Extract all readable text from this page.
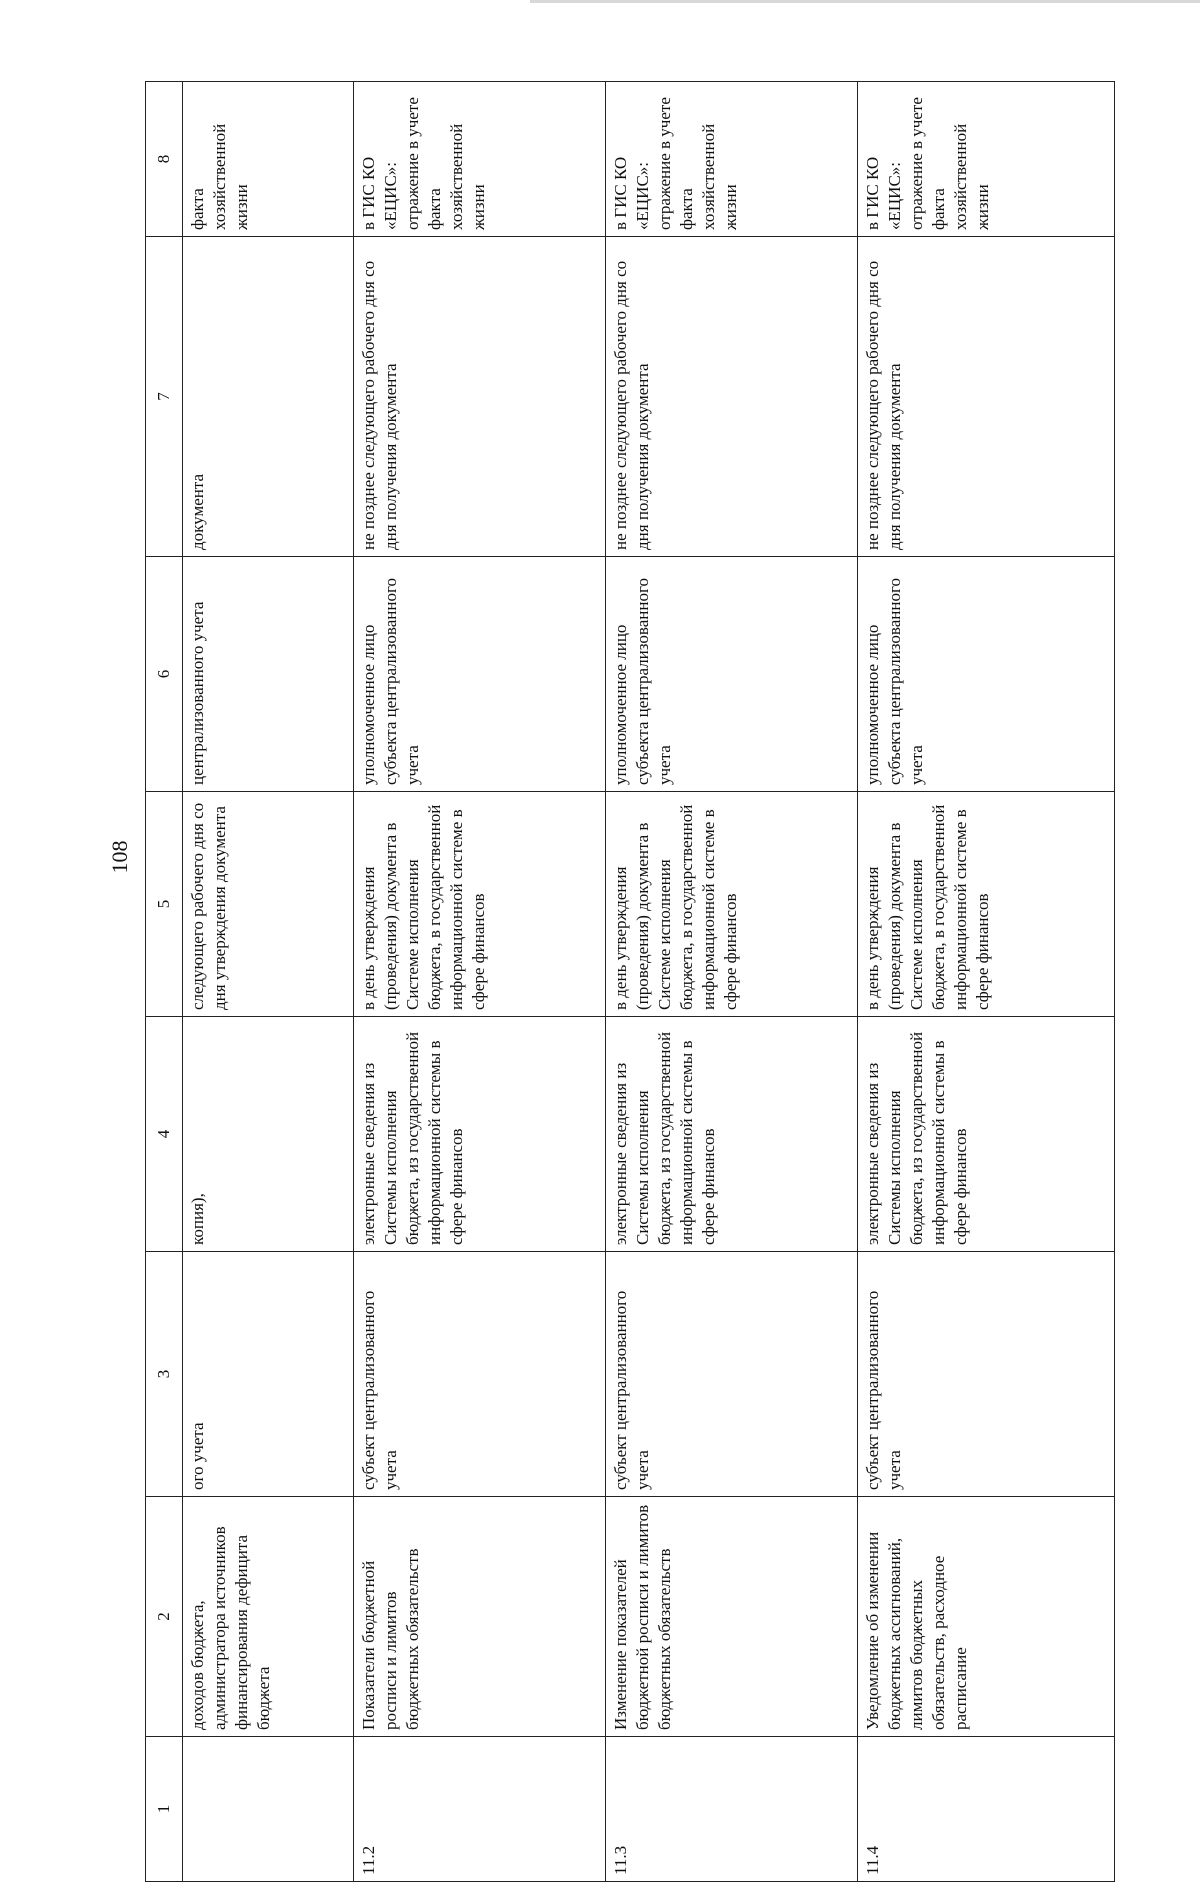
108
1	2	3	4	5	6	7	8
	доходов бюджета, администратора источников финансирования дефицита бюджета	ого учета	копия),	следующего рабочего дня со дня утверждения документа	централизованного учета	документа	факта хозяйственной жизни
11.2	Показатели бюджетной росписи и лимитов бюджетных обязательств	субъект централизованного учета	электронные сведения из Системы исполнения бюджета, из государственной информационной системы в сфере финансов	в день утверждения (проведения) документа в Системе исполнения бюджета, в государственной информационной системе в сфере финансов	уполномоченное лицо субъекта централизованного учета	не позднее следующего рабочего дня со дня получения документа	в ГИС КО «ЕЦИС»: отражение в учете факта хозяйственной жизни
11.3	Изменение показателей бюджетной росписи и лимитов бюджетных обязательств	субъект централизованного учета	электронные сведения из Системы исполнения бюджета, из государственной информационной системы в сфере финансов	в день утверждения (проведения) документа в Системе исполнения бюджета, в государственной информационной системе в сфере финансов	уполномоченное лицо субъекта централизованного учета	не позднее следующего рабочего дня со дня получения документа	в ГИС КО «ЕЦИС»: отражение в учете факта хозяйственной жизни
11.4	Уведомление об изменении бюджетных ассигнований, лимитов бюджетных обязательств, расходное расписание	субъект централизованного учета	электронные сведения из Системы исполнения бюджета, из государственной информационной системы в сфере финансов	в день утверждения (проведения) документа в Системе исполнения бюджета, в государственной информационной системе в сфере финансов	уполномоченное лицо субъекта централизованного учета	не позднее следующего рабочего дня со дня получения документа	в ГИС КО «ЕЦИС»: отражение в учете факта хозяйственной жизни
